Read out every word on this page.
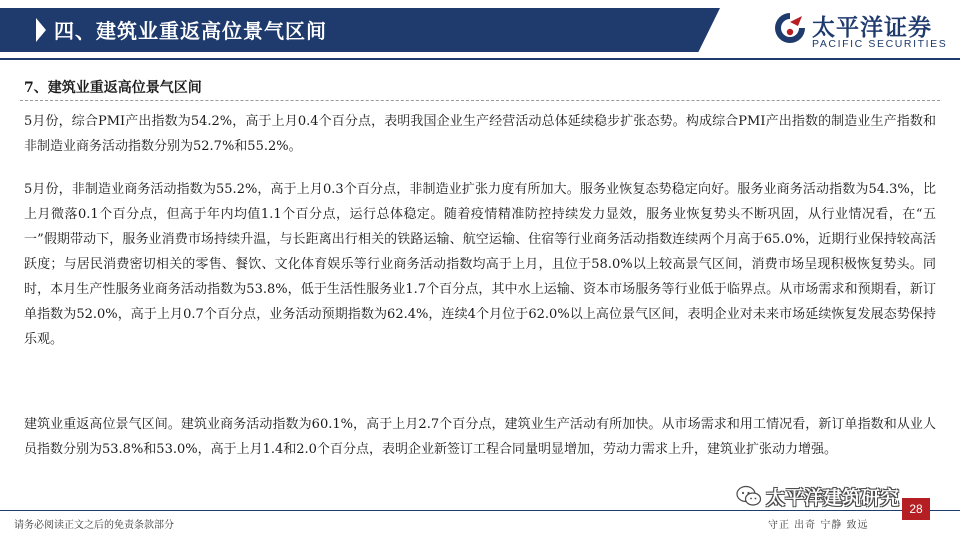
四、建筑业重返高位景气区间	太平洋证券
PACIFIC SECURITIES
7、建筑业重返高位景气区间
5月份，综合PMI产出指数为54.2%，高于上月0.4个百分点，表明我国企业生产经营活动总体延续稳步扩张态势。构成综合PMI产出指数的制造业生产指数和非制造业商务活动指数分别为52.7%和55.2%。
5月份，非制造业商务活动指数为55.2%，高于上月0.3个百分点，非制造业扩张力度有所加大。服务业恢复态势稳定向好。服务业商务活动指数为54.3%，比上月微落0.1个百分点，但高于年内均值1.1个百分点，运行总体稳定。随着疫情精准防控持续发力显效，服务业恢复势头不断巩固，从行业情况看，在“五一”假期带动下，服务业消费市场持续升温，与长距离出行相关的铁路运输、航空运输、住宿等行业商务活动指数连续两个月高于65.0%，近期行业保持较高活跃度；与居民消费密切相关的零售、餐饮、文化体育娱乐等行业商务活动指数均高于上月，且位于58.0%以上较高景气区间，消费市场呈现积极恢复势头。同时，本月生产性服务业商务活动指数为53.8%，低于生活性服务业1.7个百分点，其中水上运输、资本市场服务等行业低于临界点。从市场需求和预期看，新订单指数为52.0%，高于上月0.7个百分点，业务活动预期指数为62.4%，连续4个月位于62.0%以上高位景气区间，表明企业对未来市场延续恢复发展态势保持乐观。
建筑业重返高位景气区间。建筑业商务活动指数为60.1%，高于上月2.7个百分点，建筑业生产活动有所加快。从市场需求和用工情况看，新订单指数和从业人员指数分别为53.8%和53.0%，高于上月1.4和2.0个百分点，表明企业新签订工程合同量明显增加，劳动力需求上升，建筑业扩张动力增强。
太平洋建筑研究
请务必阅读正文之后的免责条款部分	守正 出奇 宁静 致远
28
